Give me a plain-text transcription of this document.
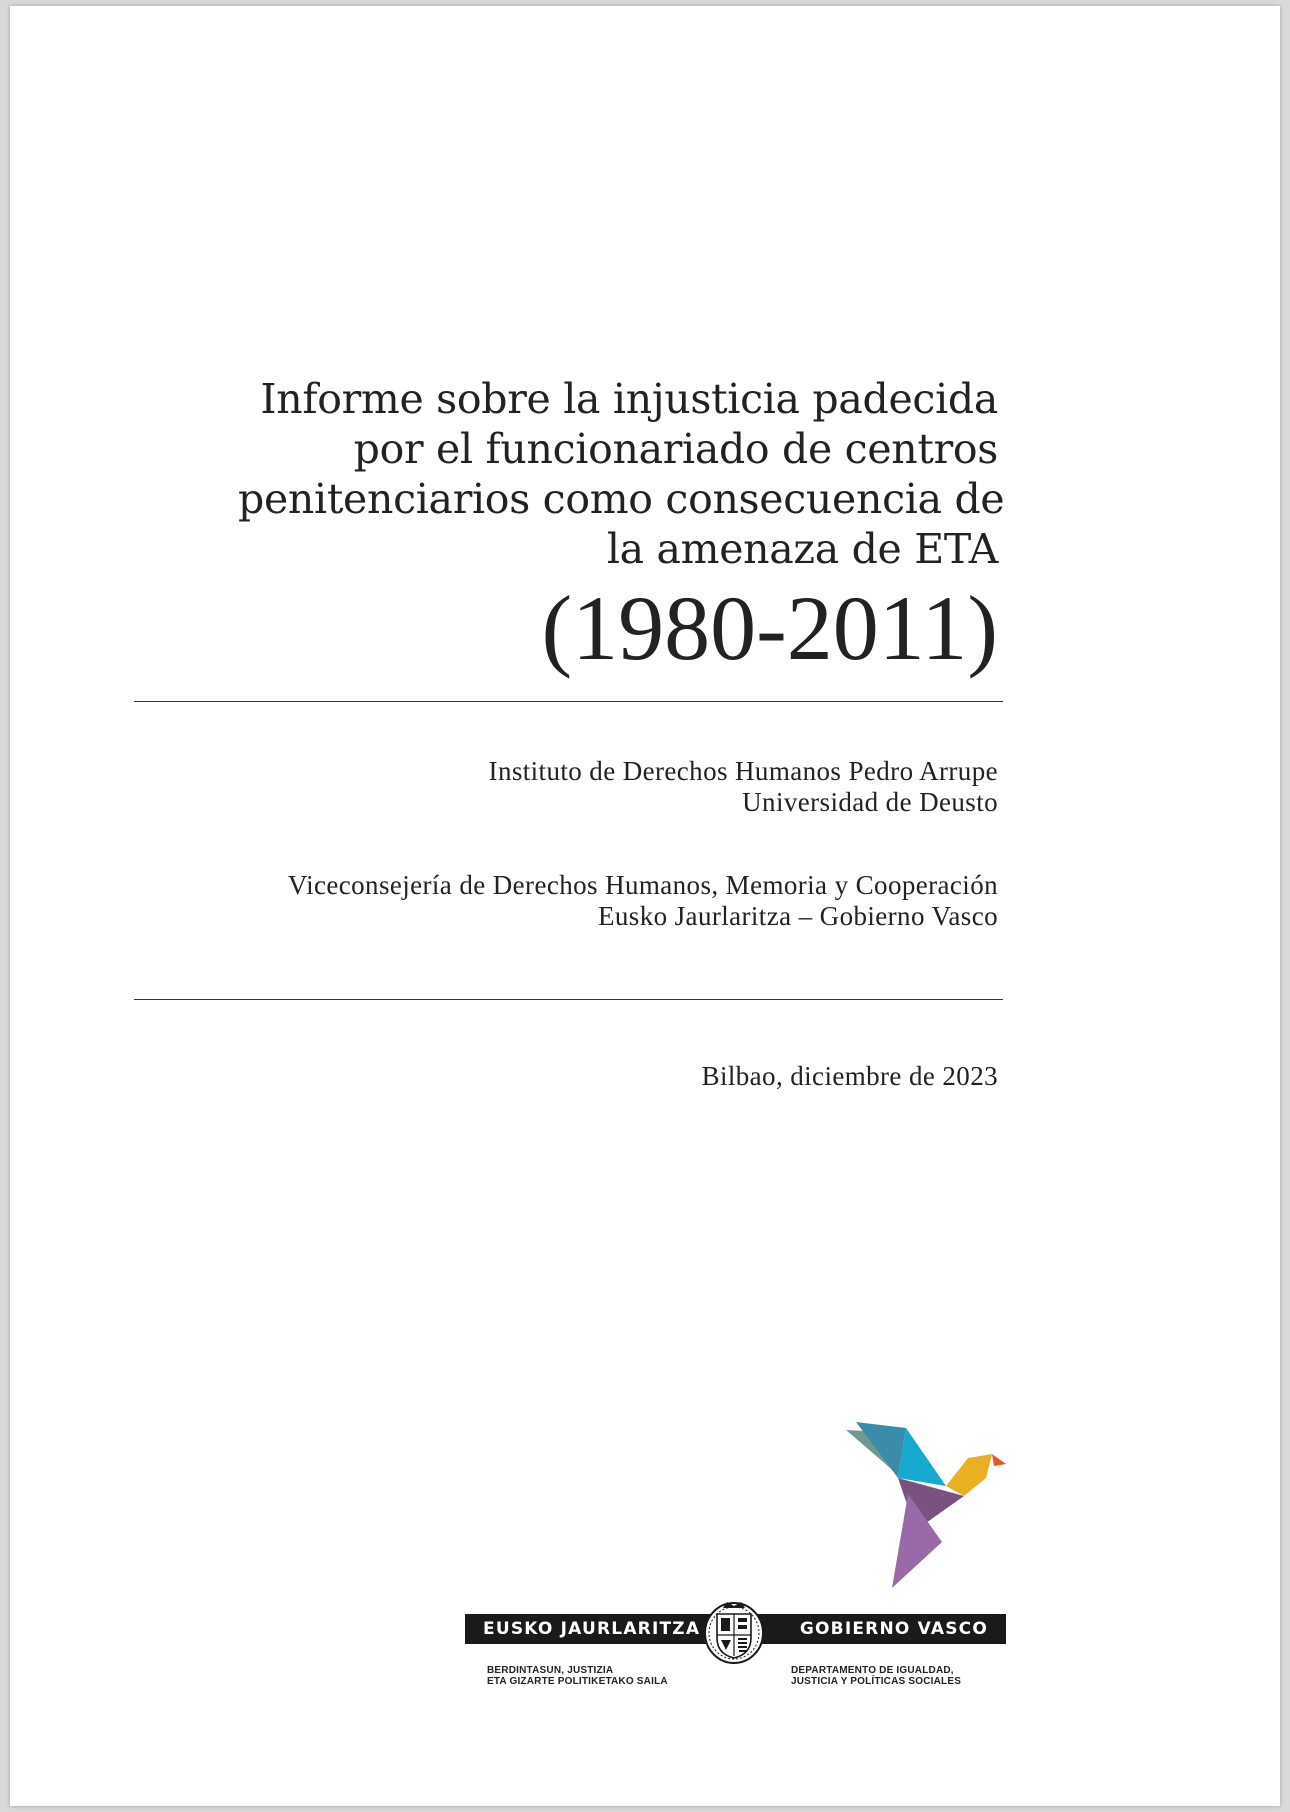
Informe sobre la injusticia padecida
por el funcionariado de centros
penitenciarios como consecuencia de
la amenaza de ETA
(1980-2011)
Instituto de Derechos Humanos Pedro Arrupe
Universidad de Deusto
Viceconsejería de Derechos Humanos, Memoria y Cooperación
Eusko Jaurlaritza – Gobierno Vasco
Bilbao, diciembre de 2023
EUSKO JAURLARITZA	GOBIERNO VASCO
BERDINTASUN, JUSTIZIA
ETA GIZARTE POLITIKETAKO SAILA
DEPARTAMENTO DE IGUALDAD,
JUSTICIA Y POLÍTICAS SOCIALES
